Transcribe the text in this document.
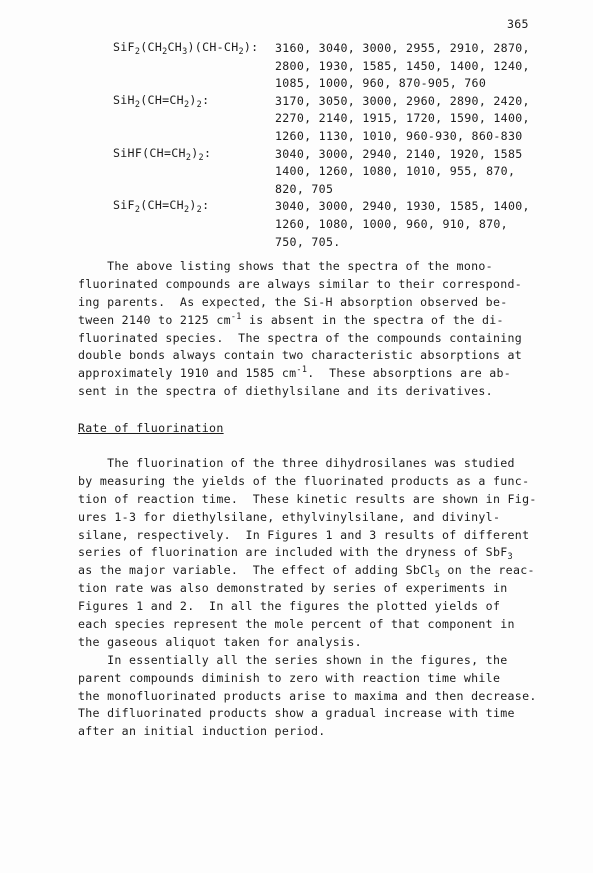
365
$SiF_2(CH_2CH_3)(CH-CH_2)$: 3160, 3040, 3000, 2955, 2910, 2870,
2800, 1930, 1585, 1450, 1400, 1240,
1085, 1000, 960, 870-905, 760
$SiH_2(CH=CH_2)_2$:	3170, 3050, 3000, 2960, 2890, 2420,
2270, 2140, 1915, 1720, 1590, 1400,
1260, 1130, 1010, 960-930, 860-830
$SiHF(CH=CH_2)_2$:	3040, 3000, 2940, 2140, 1920, 1585
1400, 1260, 1080, 1010, 955, 870,
820, 705
$SiF_2(CH=CH_2)_2$:	3040, 3000, 2940, 1930, 1585, 1400,
1260, 1080, 1000, 960, 910, 870,
750, 705.
The above listing shows that the spectra of the mono-
fluorinated compounds are always similar to their correspond-
ing parents.  As expected, the Si-H absorption observed be-
tween 2140 to 2125 $cm^{-1}$ is absent in the spectra of the di-
fluorinated species.  The spectra of the compounds containing
double bonds always contain two characteristic absorptions at
approximately 1910 and 1585 $cm^{-1}$.  These absorptions are ab-
sent in the spectra of diethylsilane and its derivatives.
Rate of fluorination
The fluorination of the three dihydrosilanes was studied
by measuring the yields of the fluorinated products as a func-
tion of reaction time.  These kinetic results are shown in Fig-
ures 1-3 for diethylsilane, ethylvinylsilane, and divinyl-
silane, respectively.  In Figures 1 and 3 results of different
series of fluorination are included with the dryness of SbF$_3$
as the major variable.  The effect of adding SbCl$_5$ on the reac-
tion rate was also demonstrated by series of experiments in
Figures 1 and 2.  In all the figures the plotted yields of
each species represent the mole percent of that component in
the gaseous aliquot taken for analysis.
In essentially all the series shown in the figures, the
parent compounds diminish to zero with reaction time while
the monofluorinated products arise to maxima and then decrease.
The difluorinated products show a gradual increase with time
after an initial induction period.
